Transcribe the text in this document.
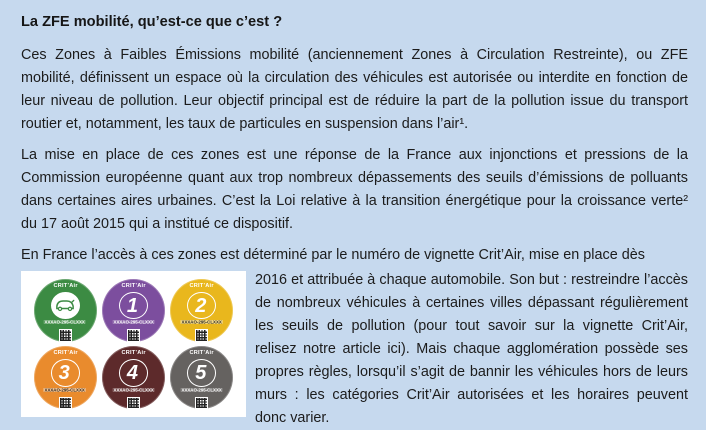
La ZFE mobilité, qu’est-ce que c’est ?

Ces Zones à Faibles Émissions mobilité (anciennement Zones à Circulation Restreinte), ou ZFE mobilité, définissent un espace où la circulation des véhicules est autorisée ou interdite en fonction de leur niveau de pollution. Leur objectif principal est de réduire la part de la pollution issue du transport routier et, notamment, les taux de particules en suspension dans l’air¹.

La mise en place de ces zones est une réponse de la France aux injonctions et pressions de la Commission européenne quant aux trop nombreux dépassements des seuils d’émissions de polluants dans certaines aires urbaines. C’est la Loi relative à la transition énergétique pour la croissance verte² du 17 août 2015 qui a institué ce dispositif.

En France l’accès à ces zones est déterminé par le numéro de vignette Crit’Air, mise en place dès

CRIT’Air
XXXAO-295-CLXXX
CRIT’Air
1
XXXAO-295-CLXXX
CRIT’Air
2
XXXAO-295-CLXXX
CRIT’Air
3
XXXAO-295-CLXXX
CRIT’Air
4
XXXAO-295-CLXXX
CRIT’Air
5
XXXAO-295-CLXXX

2016 et attribuée à chaque automobile. Son but : restreindre l’accès de nombreux véhicules à certaines villes dépassant régulièrement les seuils de pollution (pour tout savoir sur la vignette Crit’Air, relisez notre article ici). Mais chaque agglomération possède ses propres règles, lorsqu’il s’agit de bannir les véhicules hors de leurs murs : les catégories Crit’Air autorisées et les horaires peuvent donc varier.
